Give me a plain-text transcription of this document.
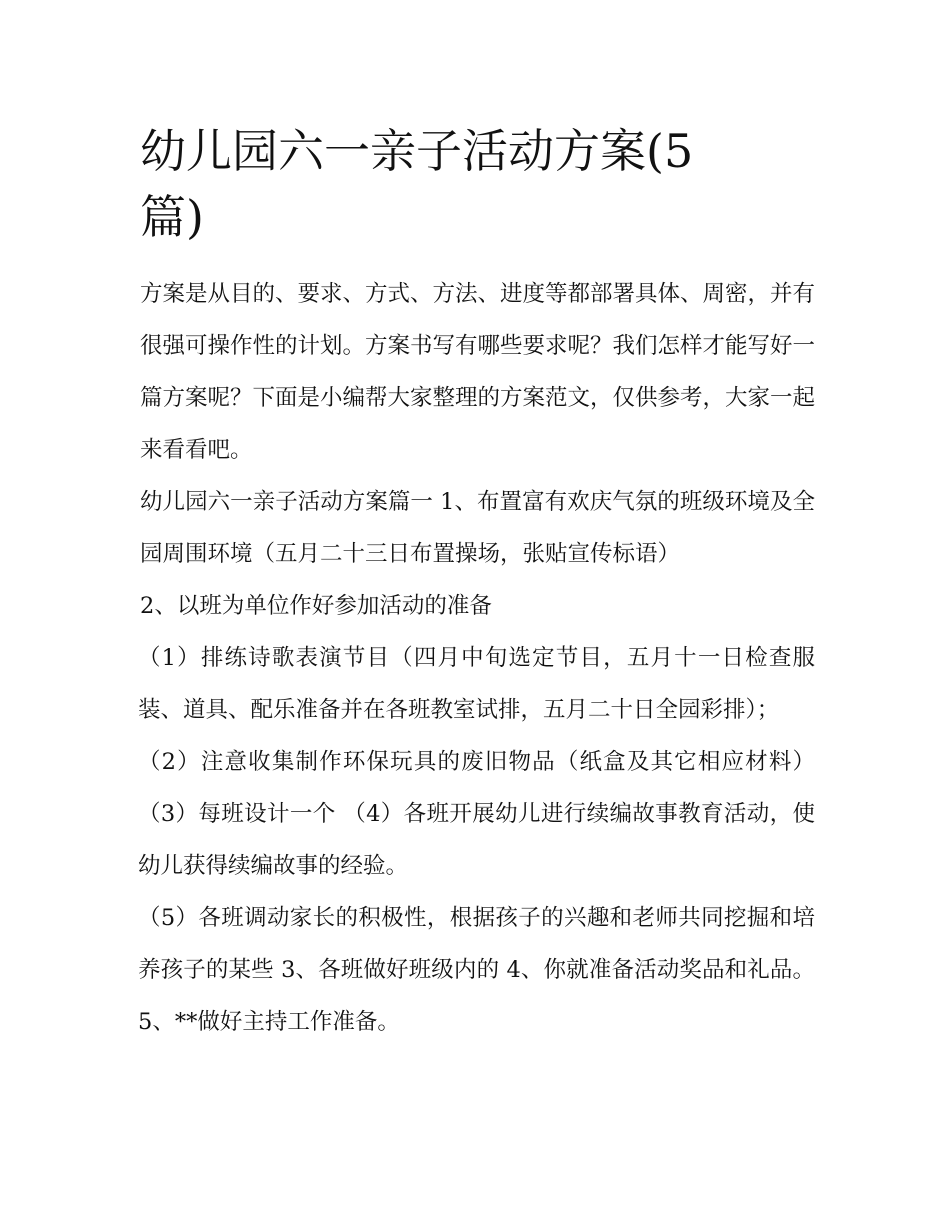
幼儿园六一亲子活动方案(5篇)

方案是从目的、要求、方式、方法、进度等都部署具体、周密，并有很强可操作性的计划。方案书写有哪些要求呢？我们怎样才能写好一篇方案呢？下面是小编帮大家整理的方案范文，仅供参考，大家一起来看看吧。

幼儿园六一亲子活动方案篇一 1、布置富有欢庆气氛的班级环境及全园周围环境（五月二十三日布置操场，张贴宣传标语）

2、以班为单位作好参加活动的准备

（1）排练诗歌表演节目（四月中旬选定节目，五月十一日检查服装、道具、配乐准备并在各班教室试排，五月二十日全园彩排）；

（2）注意收集制作环保玩具的废旧物品（纸盒及其它相应材料） （3）每班设计一个 （4）各班开展幼儿进行续编故事教育活动，使幼儿获得续编故事的经验。

（5）各班调动家长的积极性，根据孩子的兴趣和老师共同挖掘和培养孩子的某些 3、各班做好班级内的 4、你就准备活动奖品和礼品。 5、**做好主持工作准备。
